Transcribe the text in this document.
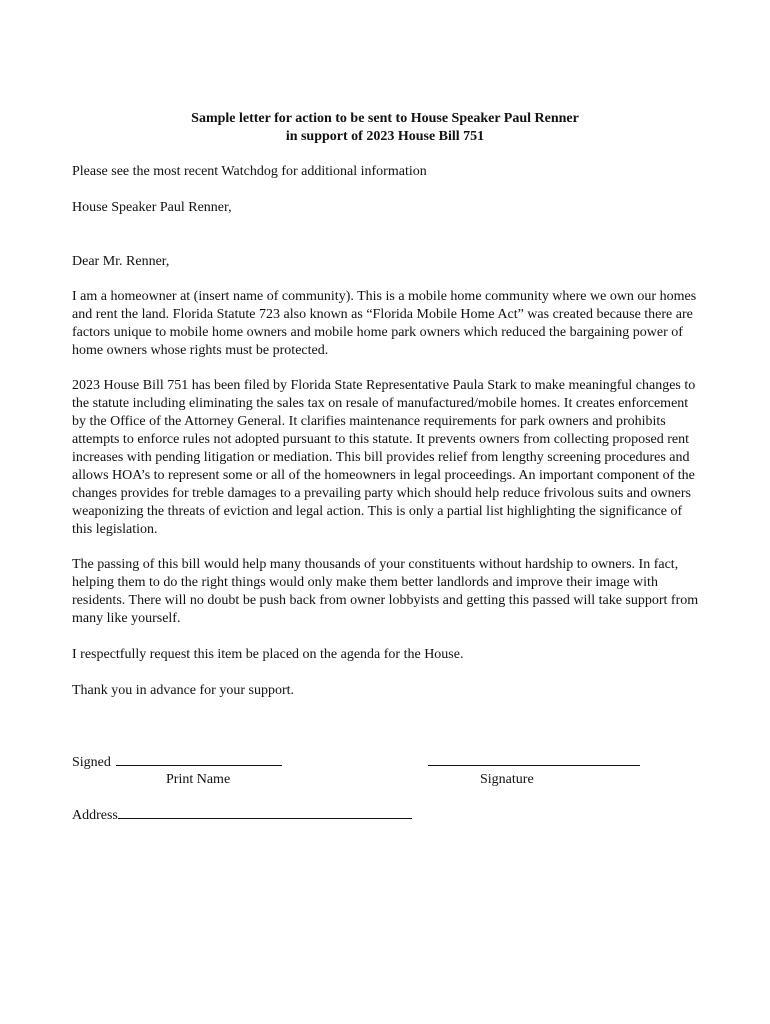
Sample letter for action to be sent to House Speaker Paul Renner
in support of 2023 House Bill 751

Please see the most recent Watchdog for additional information

House Speaker Paul Renner,

Dear Mr. Renner,

I am a homeowner at (insert name of community). This is a mobile home community where we own our homes and rent the land. Florida Statute 723 also known as “Florida Mobile Home Act” was created because there are factors unique to mobile home owners and mobile home park owners which reduced the bargaining power of home owners whose rights must be protected.

2023 House Bill 751 has been filed by Florida State Representative Paula Stark to make meaningful changes to the statute including eliminating the sales tax on resale of manufactured/mobile homes. It creates enforcement by the Office of the Attorney General. It clarifies maintenance requirements for park owners and prohibits attempts to enforce rules not adopted pursuant to this statute. It prevents owners from collecting proposed rent increases with pending litigation or mediation. This bill provides relief from lengthy screening procedures and allows HOA’s to represent some or all of the homeowners in legal proceedings. An important component of the changes provides for treble damages to a prevailing party which should help reduce frivolous suits and owners weaponizing the threats of eviction and legal action. This is only a partial list highlighting the significance of this legislation.

The passing of this bill would help many thousands of your constituents without hardship to owners. In fact, helping them to do the right things would only make them better landlords and improve their image with residents. There will no doubt be push back from owner lobbyists and getting this passed will take support from many like yourself.

I respectfully request this item be placed on the agenda for the House.

Thank you in advance for your support.

Signed
Print Name	Signature
Address
